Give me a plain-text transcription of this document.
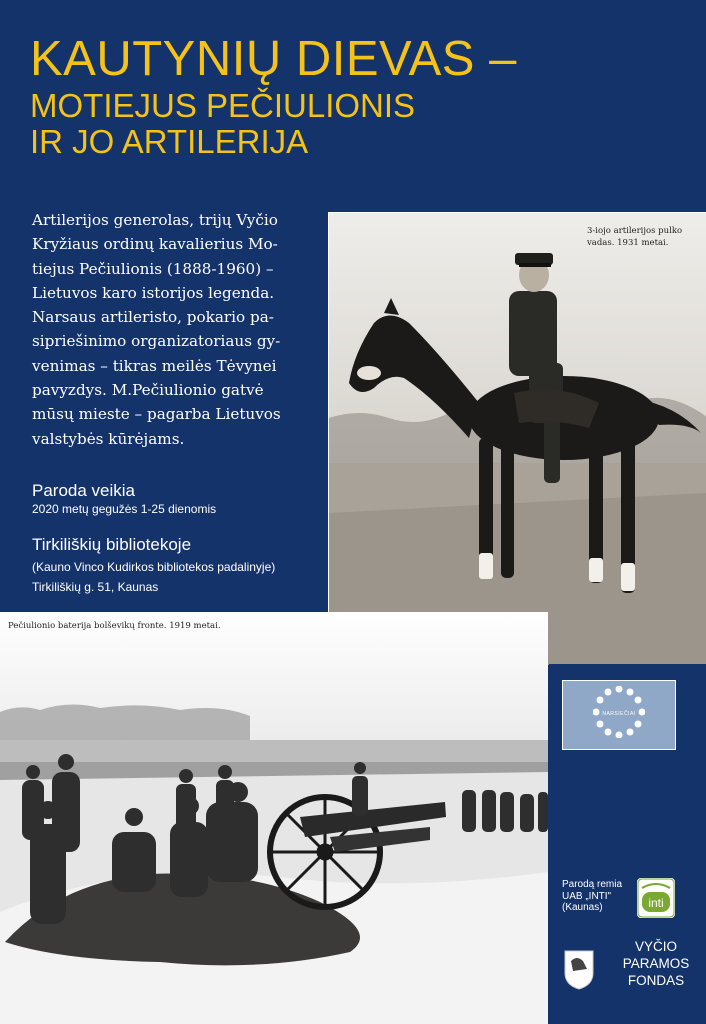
KAUTYNIŲ DIEVAS –
MOTIEJUS PEČIULIONIS
IR JO ARTILERIJA
Artilerijos generolas, trijų Vyčio
Kryžiaus ordinų kavalierius Mo-
tiejus Pečiulionis (1888-1960) –
Lietuvos karo istorijos legenda.
Narsaus artileristo, pokario pa-
sipriešinimo organizatoriaus gy-
venimas – tikras meilės Tėvynei
pavyzdys. M.Pečiulionio gatvė
mūsų mieste – pagarba Lietuvos
valstybės kūrėjams.
Paroda veikia
2020 metų gegužės 1-25 dienomis
Tirkiliškių bibliotekoje
(Kauno Vinco Kudirkos bibliotekos padalinyje)
Tirkiliškių g. 51, Kaunas
3-iojo artilerijos pulko
vadas. 1931 metai.
Pečiulionio baterija bolševikų fronte. 1919 metai.
NARSIEČIAI
Parodą remia
UAB „INTI"
(Kaunas)	inti
VYČIO
PARAMOS
FONDAS
